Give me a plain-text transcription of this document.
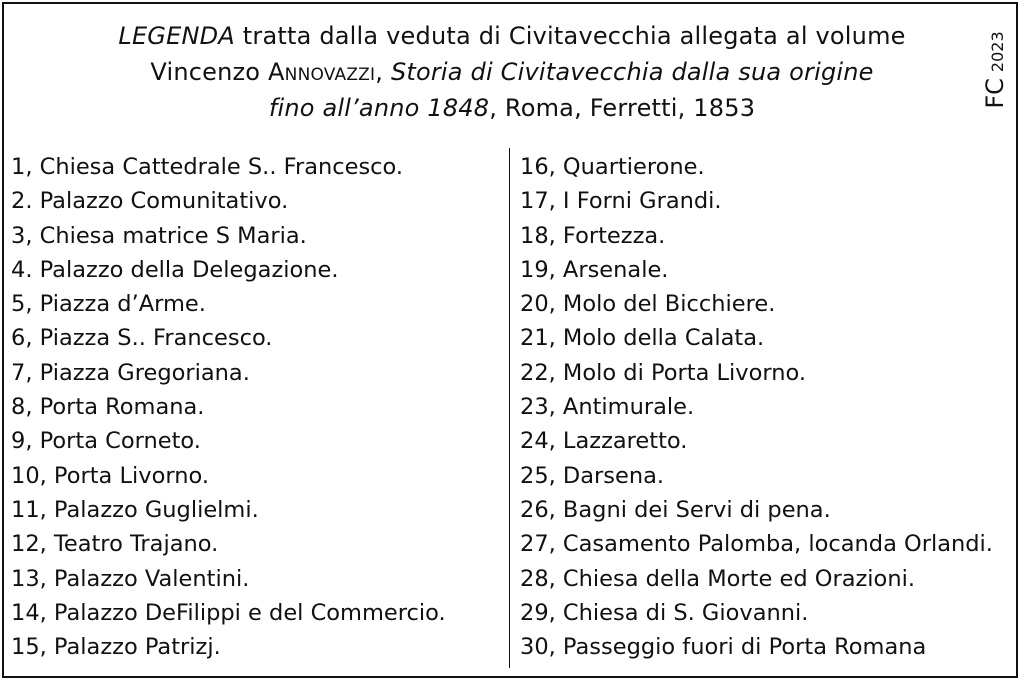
LEGENDA tratta dalla veduta di Civitavecchia allegata al volume
Vincenzo Annovazzi, Storia di Civitavecchia dalla sua origine
fino all’anno 1848, Roma, Ferretti, 1853	FC2023
1, Chiesa Cattedrale S.. Francesco.
2. Palazzo Comunitativo.
3, Chiesa matrice S Maria.
4. Palazzo della Delegazione.
5, Piazza d’Arme.
6, Piazza S.. Francesco.
7, Piazza Gregoriana.
8, Porta Romana.
9, Porta Corneto.
10, Porta Livorno.
11, Palazzo Guglielmi.
12, Teatro Trajano.
13, Palazzo Valentini.
14, Palazzo DeFilippi e del Commercio.
15, Palazzo Patrizj.
16, Quartierone.
17, I Forni Grandi.
18, Fortezza.
19, Arsenale.
20, Molo del Bicchiere.
21, Molo della Calata.
22, Molo di Porta Livorno.
23, Antimurale.
24, Lazzaretto.
25, Darsena.
26, Bagni dei Servi di pena.
27, Casamento Palomba, locanda Orlandi.
28, Chiesa della Morte ed Orazioni.
29, Chiesa di S. Giovanni.
30, Passeggio fuori di Porta Romana
